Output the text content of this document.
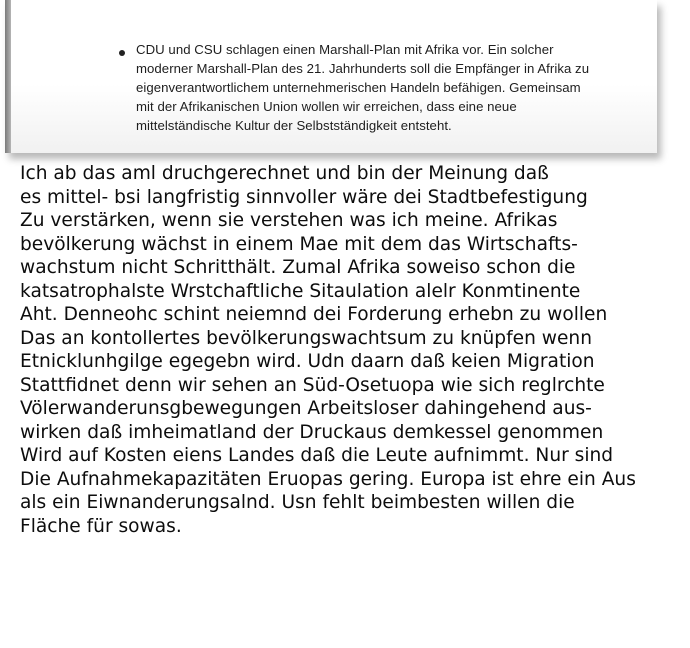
CDU und CSU schlagen einen Marshall-Plan mit Afrika vor. Ein solcher
moderner Marshall-Plan des 21. Jahrhunderts soll die Empfänger in Afrika zu
eigenverantwortlichem unternehmerischen Handeln befähigen. Gemeinsam
mit der Afrikanischen Union wollen wir erreichen, dass eine neue
mittelständische Kultur der Selbstständigkeit entsteht.
Ich ab das aml druchgerechnet und bin der Meinung daß
es mittel- bsi langfristig sinnvoller wäre dei Stadtbefestigung
Zu verstärken, wenn sie verstehen was ich meine. Afrikas
bevölkerung wächst in einem Mae mit dem das Wirtschafts-
wachstum nicht Schritthält. Zumal Afrika soweiso schon die
katsatrophalste Wrstchaftliche Sitaulation alelr Konmtinente
Aht. Denneohc schint neiemnd dei Forderung erhebn zu wollen
Das an kontollertes bevölkerungswachtsum zu knüpfen wenn
Etnicklunhgilge egegebn wird. Udn daarn daß keien Migration
Stattfidnet denn wir sehen an Süd-Osetuopa wie sich reglrchte
Völerwanderunsgbewegungen Arbeitsloser dahingehend aus-
wirken daß imheimatland der Druckaus demkessel genommen
Wird auf Kosten eiens Landes daß die Leute aufnimmt. Nur sind
Die Aufnahmekapazitäten Eruopas gering. Europa ist ehre ein Aus
als ein Eiwnanderungsalnd. Usn fehlt beimbesten willen die
Fläche für sowas.
